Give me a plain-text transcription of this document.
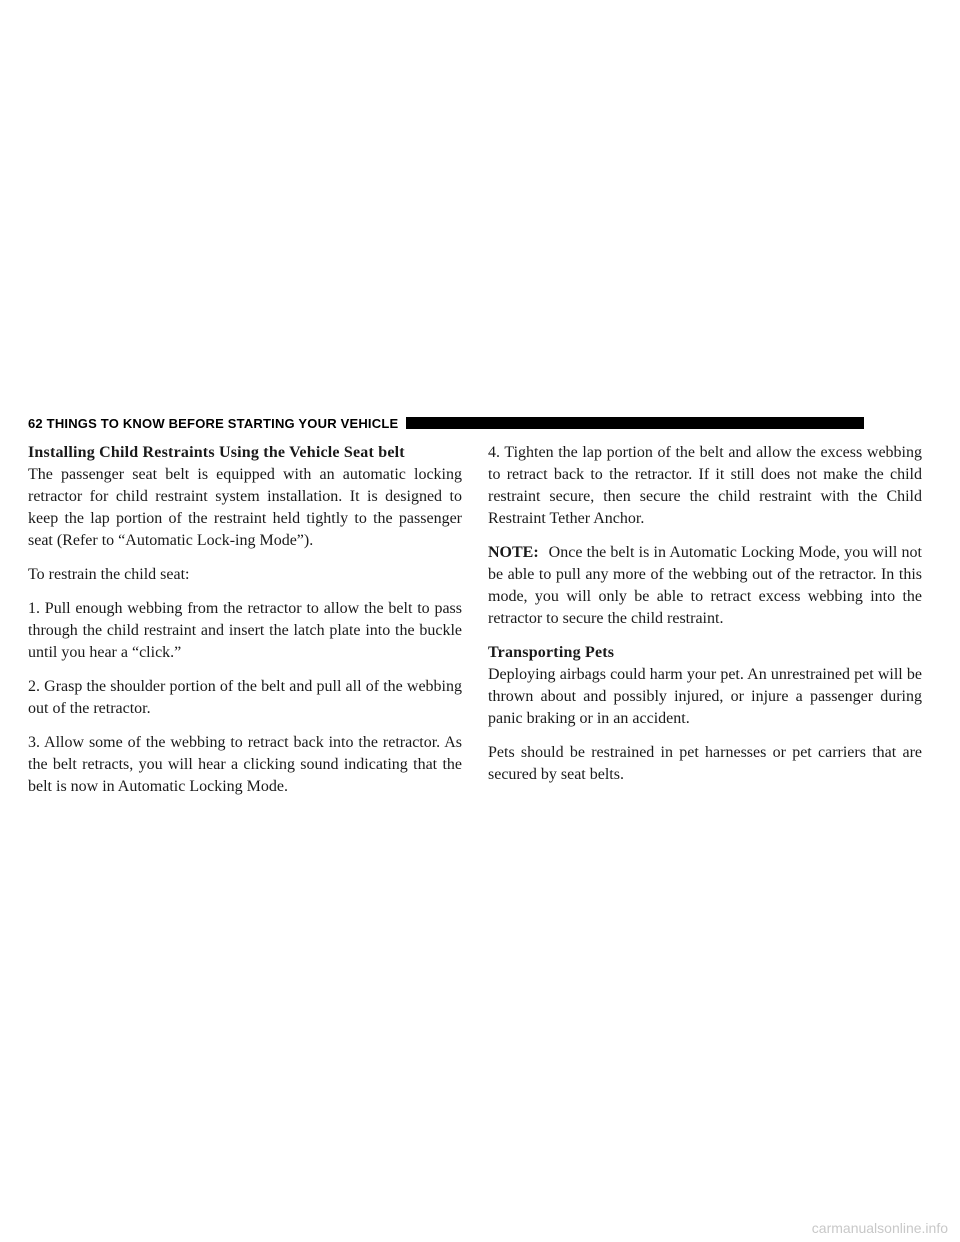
62 THINGS TO KNOW BEFORE STARTING YOUR VEHICLE
Installing Child Restraints Using the Vehicle Seat belt

The passenger seat belt is equipped with an automatic locking retractor for child restraint system installation. It is designed to keep the lap portion of the restraint held tightly to the passenger seat (Refer to “Automatic Lock-ing Mode”).

To restrain the child seat:

1. Pull enough webbing from the retractor to allow the belt to pass through the child restraint and insert the latch plate into the buckle until you hear a “click.”

2. Grasp the shoulder portion of the belt and pull all of the webbing out of the retractor.

3. Allow some of the webbing to retract back into the retractor. As the belt retracts, you will hear a clicking sound indicating that the belt is now in Automatic Locking Mode.

4. Tighten the lap portion of the belt and allow the excess webbing to retract back to the retractor. If it still does not make the child restraint secure, then secure the child restraint with the Child Restraint Tether Anchor.

NOTE: Once the belt is in Automatic Locking Mode, you will not be able to pull any more of the webbing out of the retractor. In this mode, you will only be able to retract excess webbing into the retractor to secure the child restraint.

Transporting Pets

Deploying airbags could harm your pet. An unrestrained pet will be thrown about and possibly injured, or injure a passenger during panic braking or in an accident.

Pets should be restrained in pet harnesses or pet carriers that are secured by seat belts.

carmanualsonline.info
